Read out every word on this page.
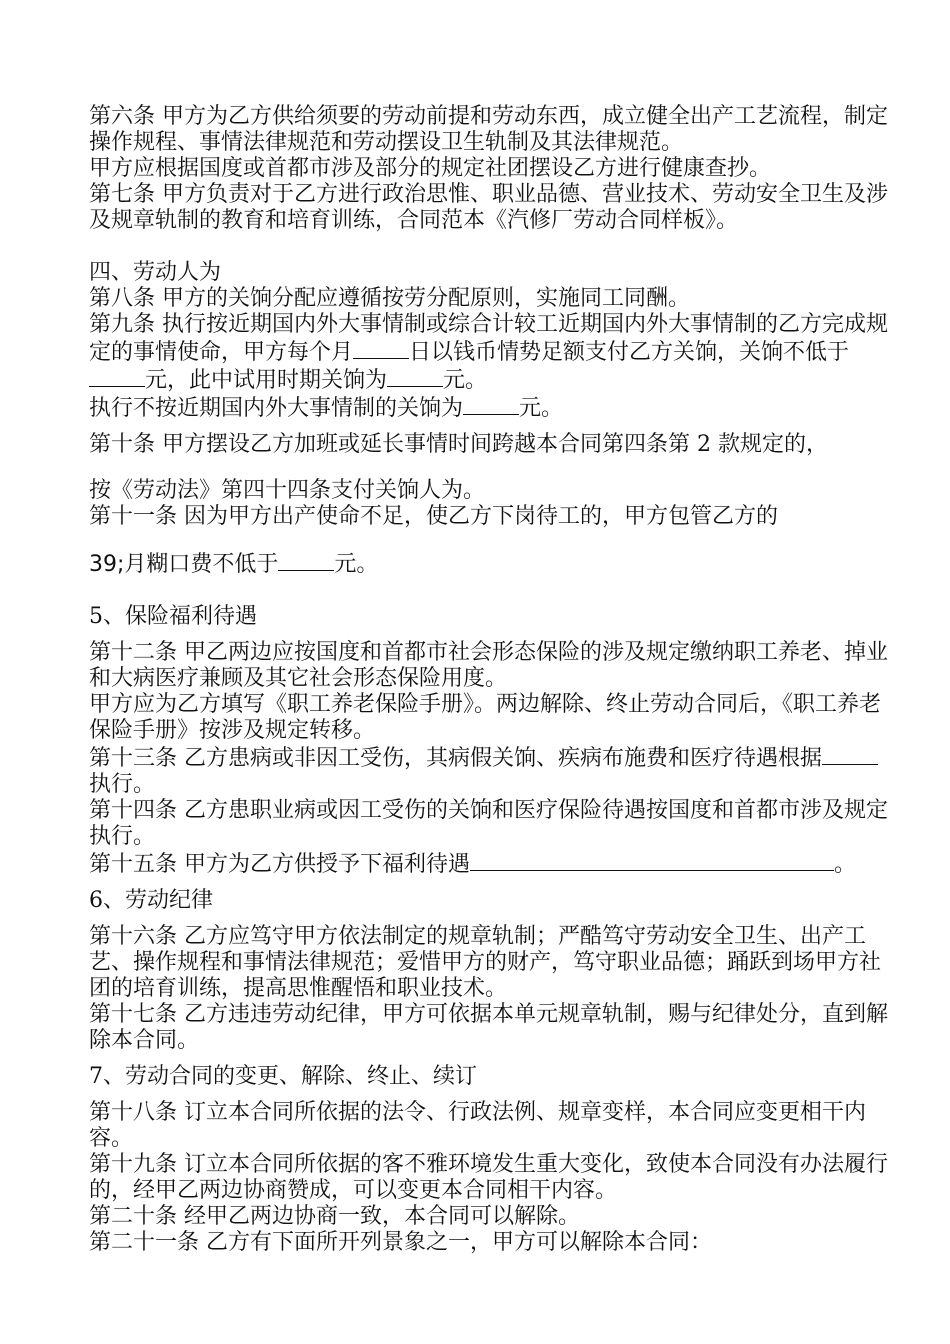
第六条 甲方为乙方供给须要的劳动前提和劳动东西，成立健全出产工艺流程，制定操作规程、事情法律规范和劳动摆设卫生轨制及其法律规范。

甲方应根据国度或首都市涉及部分的规定社团摆设乙方进行健康查抄。

第七条 甲方负责对于乙方进行政治思惟、职业品德、营业技术、劳动安全卫生及涉及规章轨制的教育和培育训练，合同范本《汽修厂劳动合同样板》。

四、劳动人为

第八条 甲方的关饷分配应遵循按劳分配原则，实施同工同酬。

第九条 执行按近期国内外大事情制或综合计较工近期国内外大事情制的乙方完成规定的事情使命，甲方每个月	日以钱币情势足额支付乙方关饷，关饷不低于元，此中试用时期关饷为	元。

执行不按近期国内外大事情制的关饷为	元。

第十条 甲方摆设乙方加班或延长事情时间跨越本合同第四条第 2 款规定的，

按《劳动法》第四十四条支付关饷人为。

第十一条 因为甲方出产使命不足，使乙方下岗待工的，甲方包管乙方的

39;月糊口费不低于	元。

5、保险福利待遇

第十二条 甲乙两边应按国度和首都市社会形态保险的涉及规定缴纳职工养老、掉业和大病医疗兼顾及其它社会形态保险用度。

甲方应为乙方填写《职工养老保险手册》。两边解除、终止劳动合同后，《职工养老保险手册》按涉及规定转移。

第十三条 乙方患病或非因工受伤，其病假关饷、疾病布施费和医疗待遇根据执行。

第十四条 乙方患职业病或因工受伤的关饷和医疗保险待遇按国度和首都市涉及规定执行。

第十五条 甲方为乙方供授予下福利待遇	。

6、劳动纪律

第十六条 乙方应笃守甲方依法制定的规章轨制；严酷笃守劳动安全卫生、出产工艺、操作规程和事情法律规范；爱惜甲方的财产，笃守职业品德；踊跃到场甲方社团的培育训练，提高思惟醒悟和职业技术。

第十七条 乙方违违劳动纪律，甲方可依据本单元规章轨制，赐与纪律处分，直到解除本合同。

7、劳动合同的变更、解除、终止、续订

第十八条 订立本合同所依据的法令、行政法例、规章变样，本合同应变更相干内容。

第十九条 订立本合同所依据的客不雅环境发生重大变化，致使本合同没有办法履行的，经甲乙两边协商赞成，可以变更本合同相干内容。

第二十条 经甲乙两边协商一致，本合同可以解除。

第二十一条 乙方有下面所开列景象之一，甲方可以解除本合同：
